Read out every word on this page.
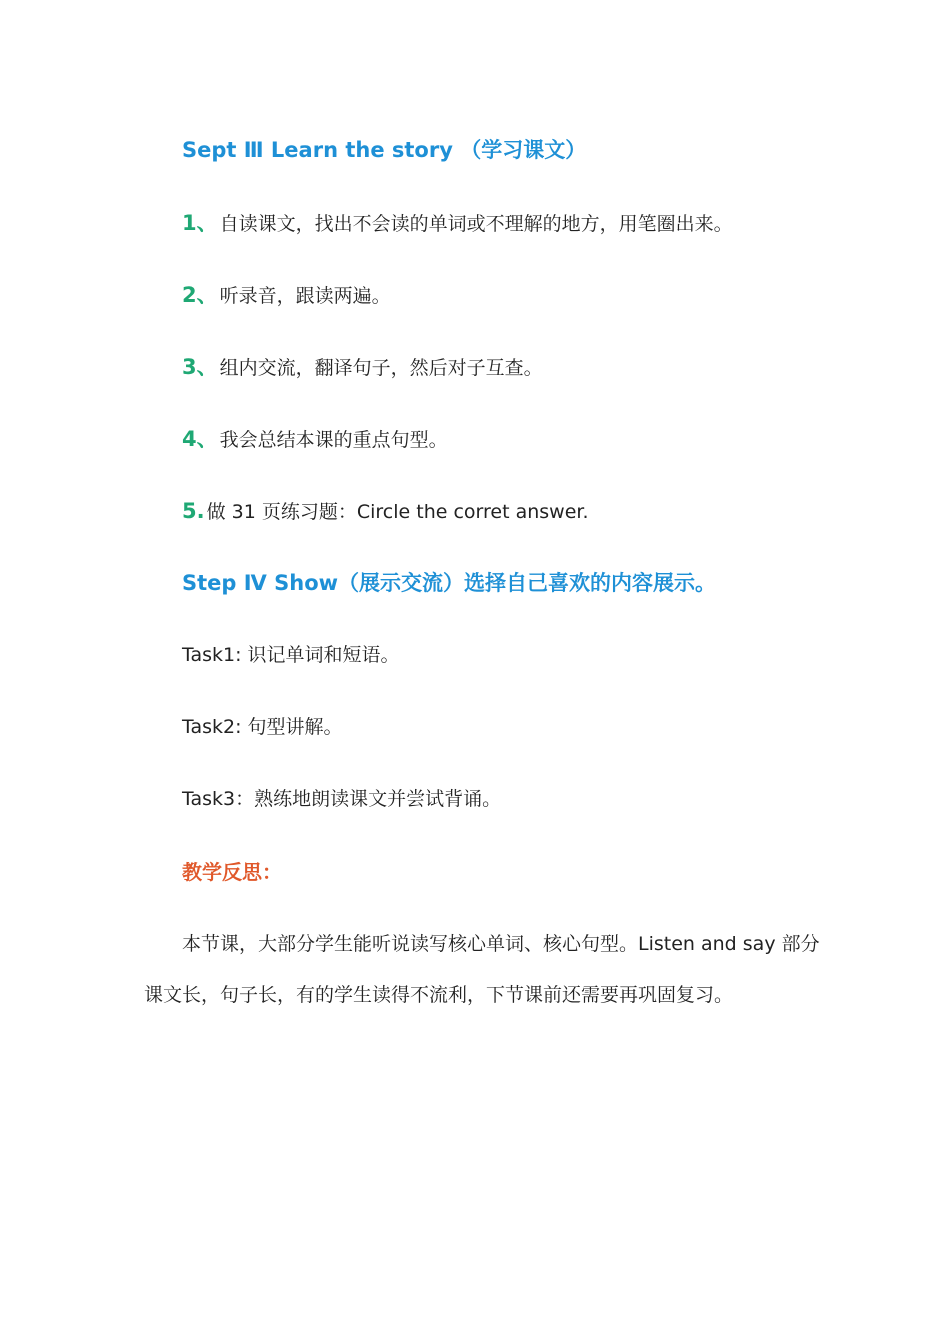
Sept Ⅲ Learn the story （学习课文）
1、 自读课文，找出不会读的单词或不理解的地方，用笔圈出来。
2、 听录音，跟读两遍。
3、 组内交流，翻译句子，然后对子互查。
4、 我会总结本课的重点句型。
5. 做 31 页练习题：Circle the corret answer.
Step Ⅳ Show（展示交流）选择自己喜欢的内容展示。
Task1: 识记单词和短语。
Task2: 句型讲解。
Task3：熟练地朗读课文并尝试背诵。
教学反思：
本节课，大部分学生能听说读写核心单词、核心句型。Listen and say 部分
课文长，句子长，有的学生读得不流利，下节课前还需要再巩固复习。
